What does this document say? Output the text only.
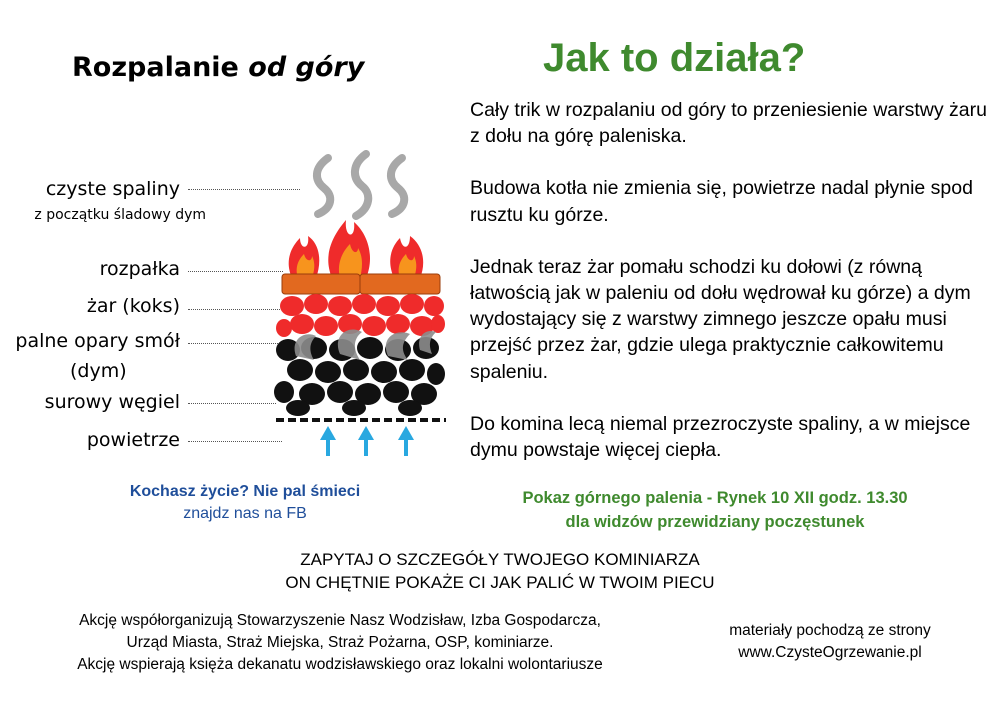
Rozpalanie od góry	Jak to działa?

Cały trik w rozpalaniu od góry to przeniesienie warstwy żaru z dołu na górę paleniska.

Budowa kotła nie zmienia się, powietrze nadal płynie spod rusztu ku górze.

Jednak teraz żar pomału schodzi ku dołowi (z równą łatwością jak w paleniu od dołu wędrował ku górze) a dym wydostający się z warstwy zimnego jeszcze opału musi przejść przez żar, gdzie ulega praktycznie całkowitemu spaleniu.

Do komina lecą niemal przezroczyste spaliny, a w miejsce dymu powstaje więcej ciepła.

czyste spaliny
z początku śladowy dym
rozpałka
żar (koks)
palne opary smół
(dym)
surowy węgiel
powietrze
Kochasz życie? Nie pal śmieci
znajdz nas na FB
Pokaz górnego palenia - Rynek 10 XII godz. 13.30
dla widzów przewidziany poczęstunek
ZAPYTAJ O SZCZEGÓŁY TWOJEGO KOMINIARZA
ON CHĘTNIE POKAŻE CI JAK PALIĆ W TWOIM PIECU
Akcję współorganizują Stowarzyszenie Nasz Wodzisław, Izba Gospodarcza,
Urząd Miasta, Straż Miejska, Straż Pożarna, OSP, kominiarze.
Akcję wspierają księża dekanatu wodzisławskiego oraz lokalni wolontariusze
materiały pochodzą ze strony
www.CzysteOgrzewanie.pl
